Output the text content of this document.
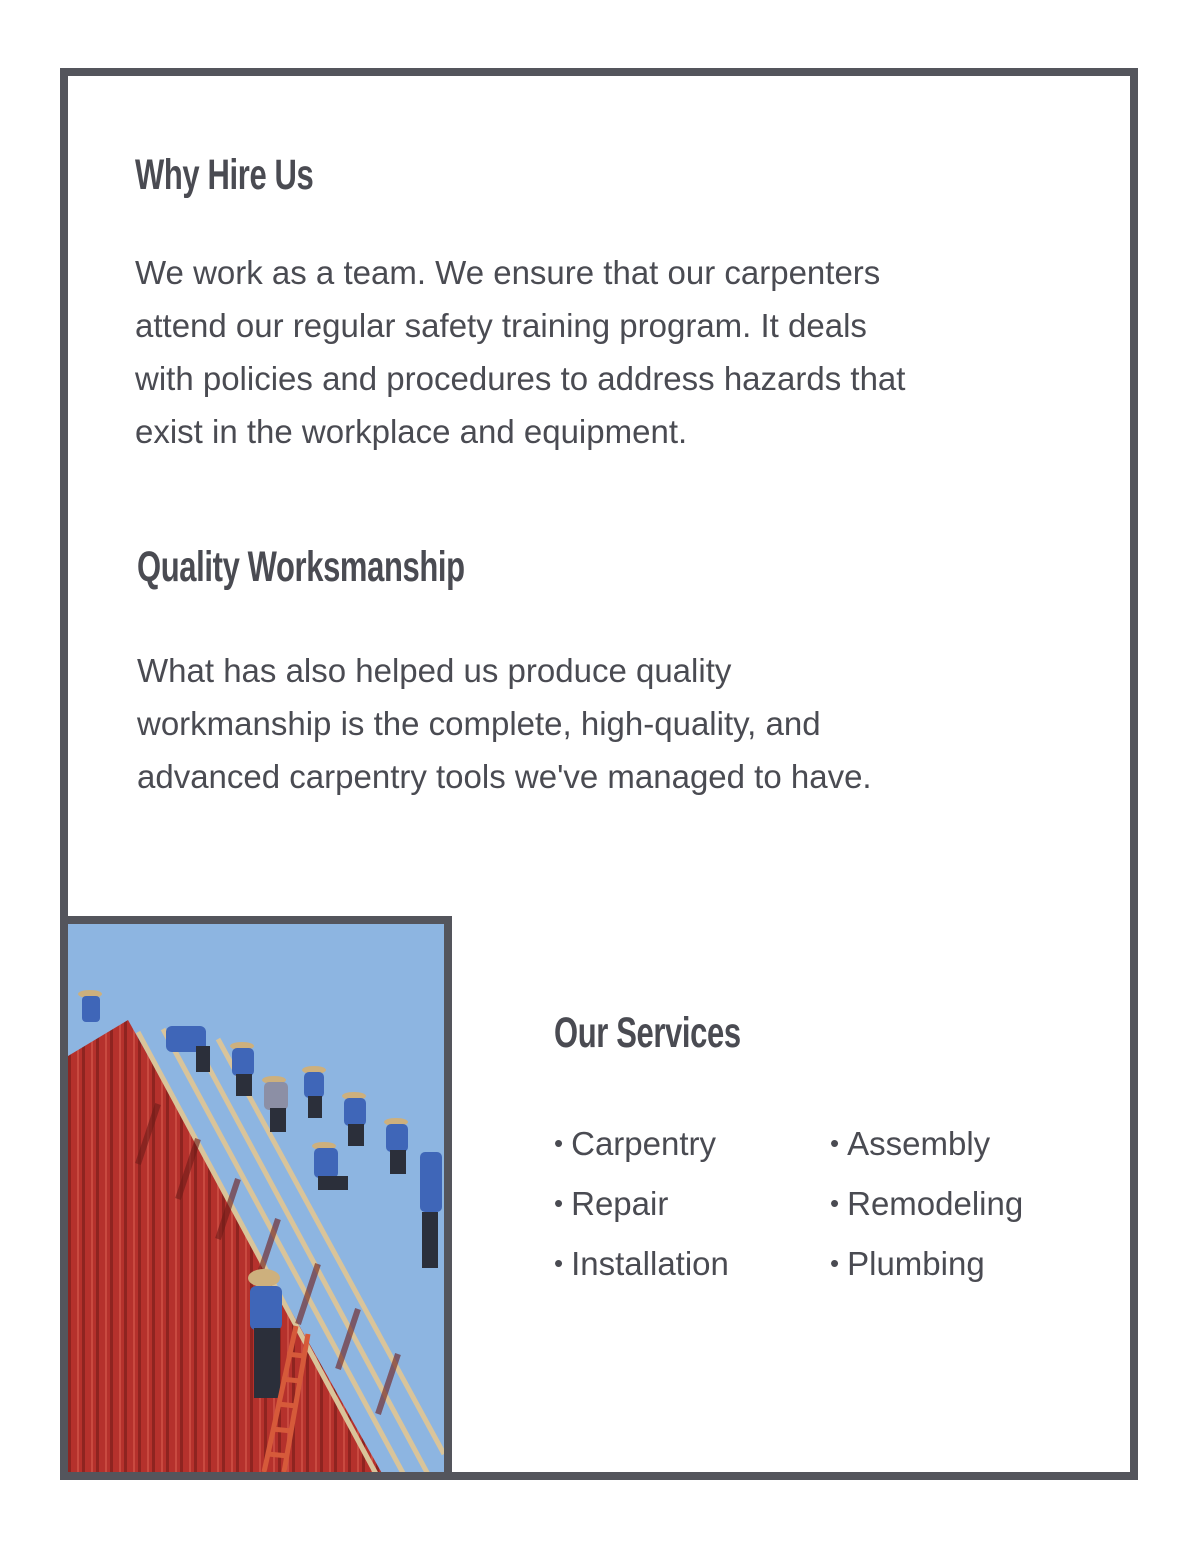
Why Hire Us

We work as a team. We ensure that our carpenters
attend our regular safety training program. It deals
with policies and procedures to address hazards that
exist in the workplace and equipment.

Quality Worksmanship

What has also helped us produce quality
workmanship is the complete, high-quality, and
advanced carpentry tools we've managed to have.

Our Services
• Carpentry
• Repair
• Installation
• Assembly
• Remodeling
• Plumbing
